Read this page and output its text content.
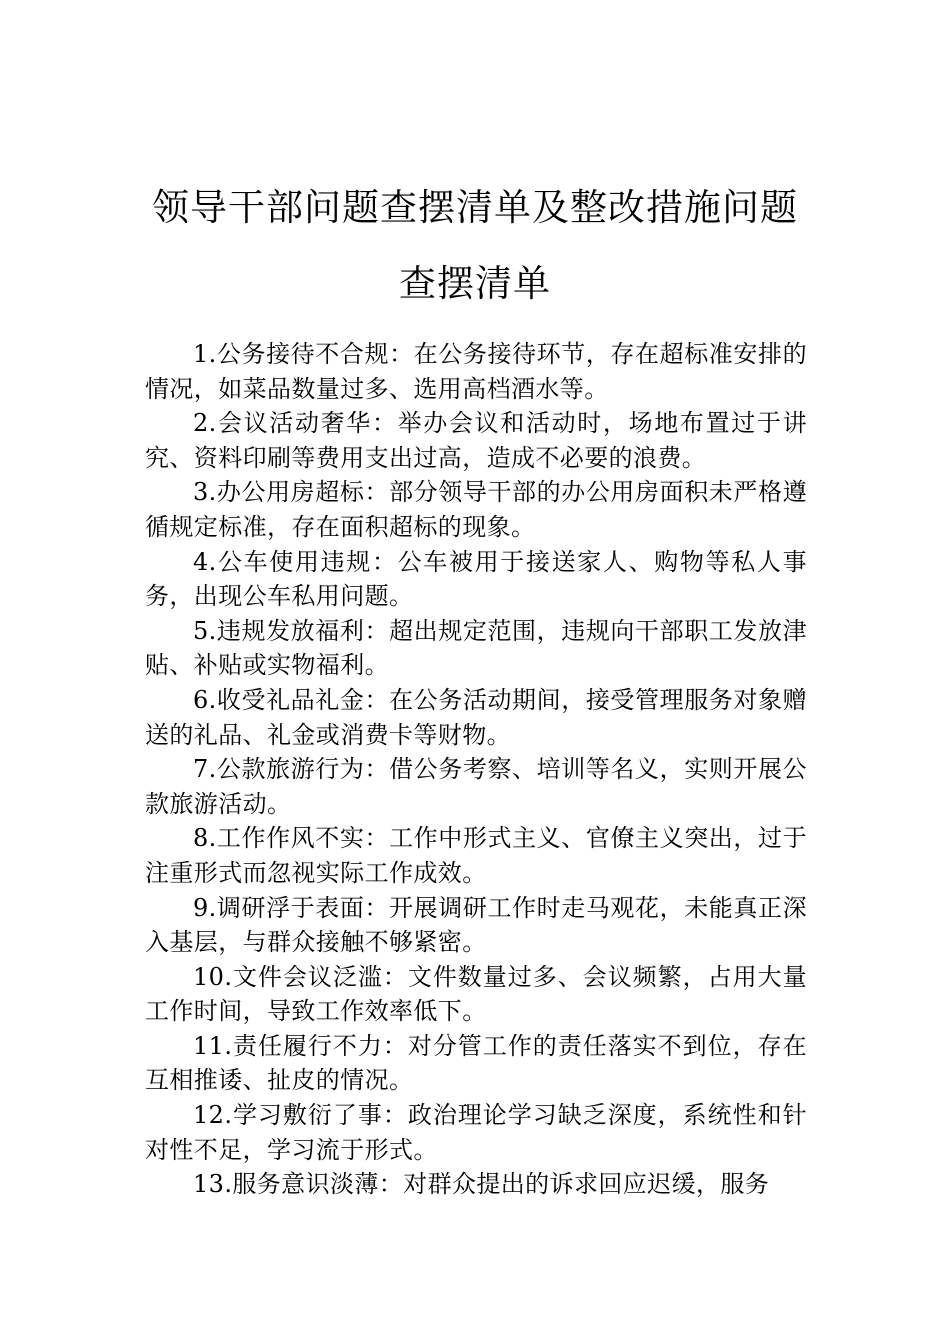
领导干部问题查摆清单及整改措施问题查摆清单

1.公务接待不合规：在公务接待环节，存在超标准安排的情况，如菜品数量过多、选用高档酒水等。

2.会议活动奢华：举办会议和活动时，场地布置过于讲究、资料印刷等费用支出过高，造成不必要的浪费。

3.办公用房超标：部分领导干部的办公用房面积未严格遵循规定标准，存在面积超标的现象。

4.公车使用违规：公车被用于接送家人、购物等私人事务，出现公车私用问题。

5.违规发放福利：超出规定范围，违规向干部职工发放津贴、补贴或实物福利。

6.收受礼品礼金：在公务活动期间，接受管理服务对象赠送的礼品、礼金或消费卡等财物。

7.公款旅游行为：借公务考察、培训等名义，实则开展公款旅游活动。

8.工作作风不实：工作中形式主义、官僚主义突出，过于注重形式而忽视实际工作成效。

9.调研浮于表面：开展调研工作时走马观花，未能真正深入基层，与群众接触不够紧密。

10.文件会议泛滥：文件数量过多、会议频繁，占用大量工作时间，导致工作效率低下。

11.责任履行不力：对分管工作的责任落实不到位，存在互相推诿、扯皮的情况。

12.学习敷衍了事：政治理论学习缺乏深度，系统性和针对性不足，学习流于形式。

13.服务意识淡薄：对群众提出的诉求回应迟缓，服务
